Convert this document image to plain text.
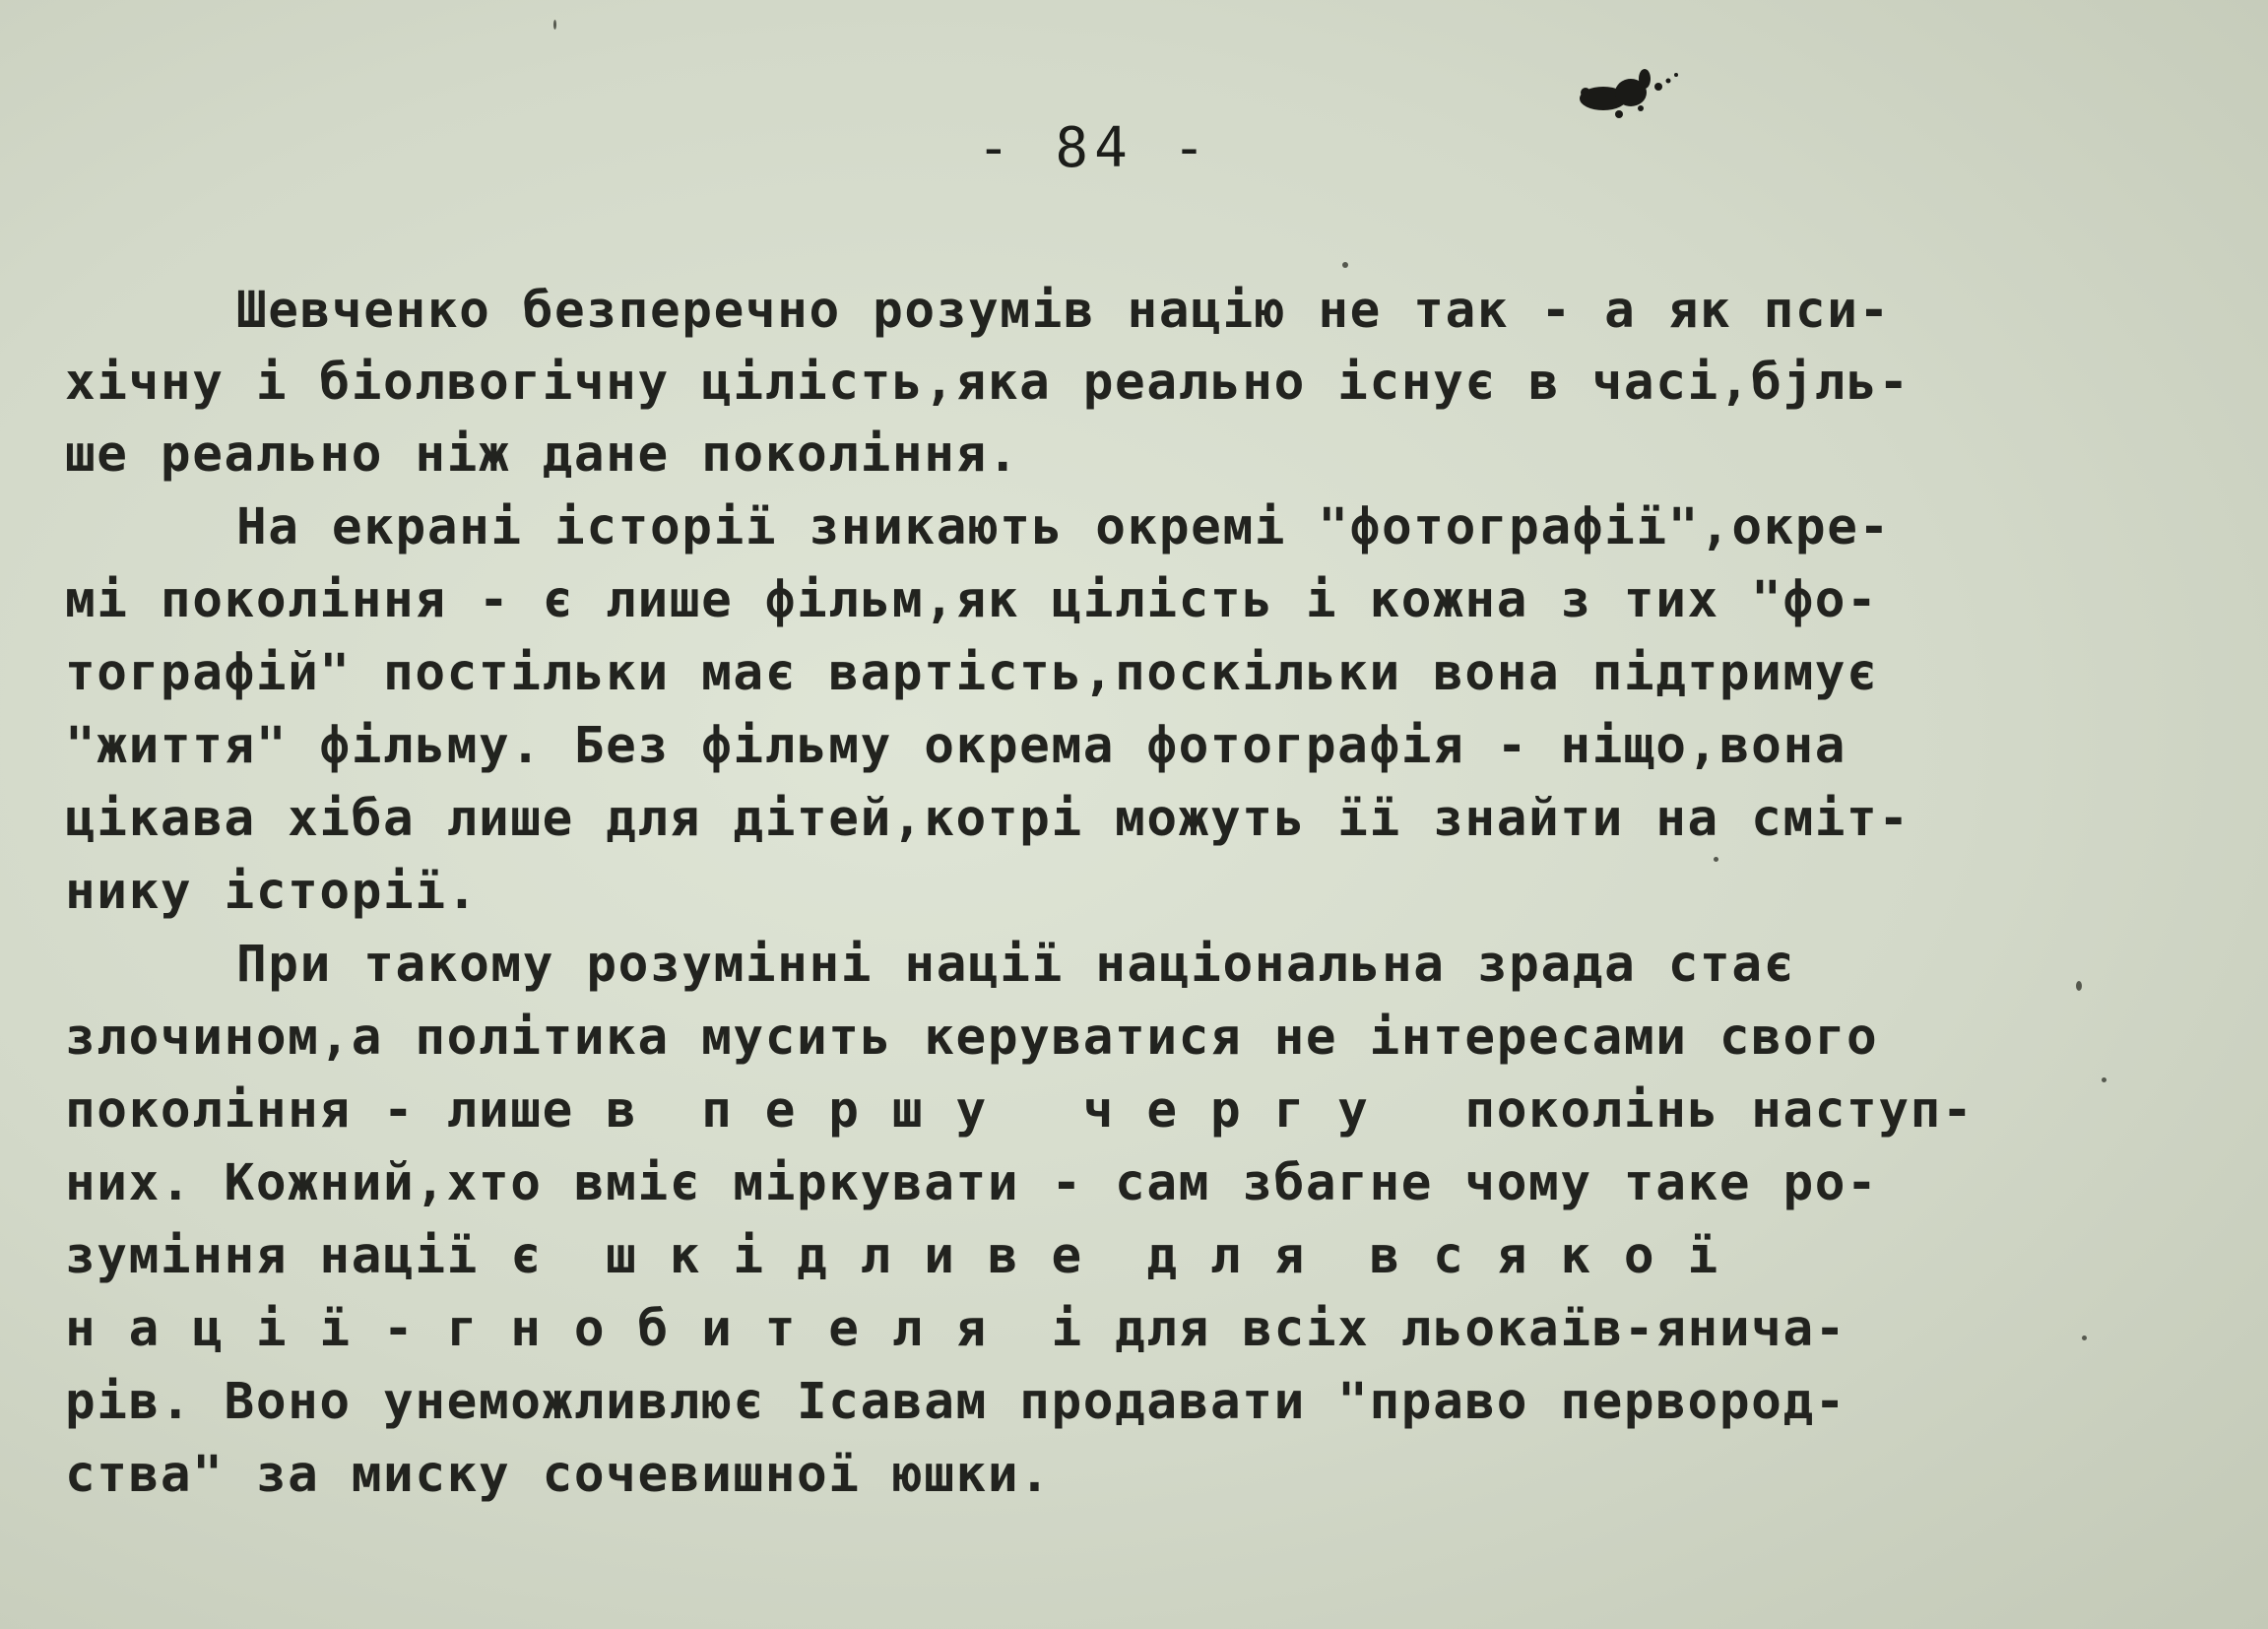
- 84 -
Шевченко безперечно розумів націю не так - а як пси-
хічну і біолвогічну цілість,яка реально існує в часі,бjль-
ше реально ніж дане покоління.
На екрані історії зникають окремі "фотографії",окре-
мі покоління - є лише фільм,як цілість і кожна з тих "фо-
тографій" постільки має вартість,поскільки вона підтримує
"життя" фільму. Без фільму окрема фотографія - ніщо,вона
цікава хіба лише для дітей,котрі можуть її знайти на сміт-
нику історії.
При такому розумінні нації національна зрада стає
злочином,а політика мусить керуватися не інтересами свого
покоління - лише в  п е р ш у   ч е р г у   поколінь наступ-
них. Кожний,хто вміє міркувати - сам збагне чому таке ро-
зуміння нації є  ш к і д л и в е  д л я  в с я к о ї
н а ц і ї - г н о б и т е л я  і для всіх льокаїв-янича-
рів. Воно унеможливлює Ісавам продавати "право первород-
ства" за миску сочевишної юшки.
